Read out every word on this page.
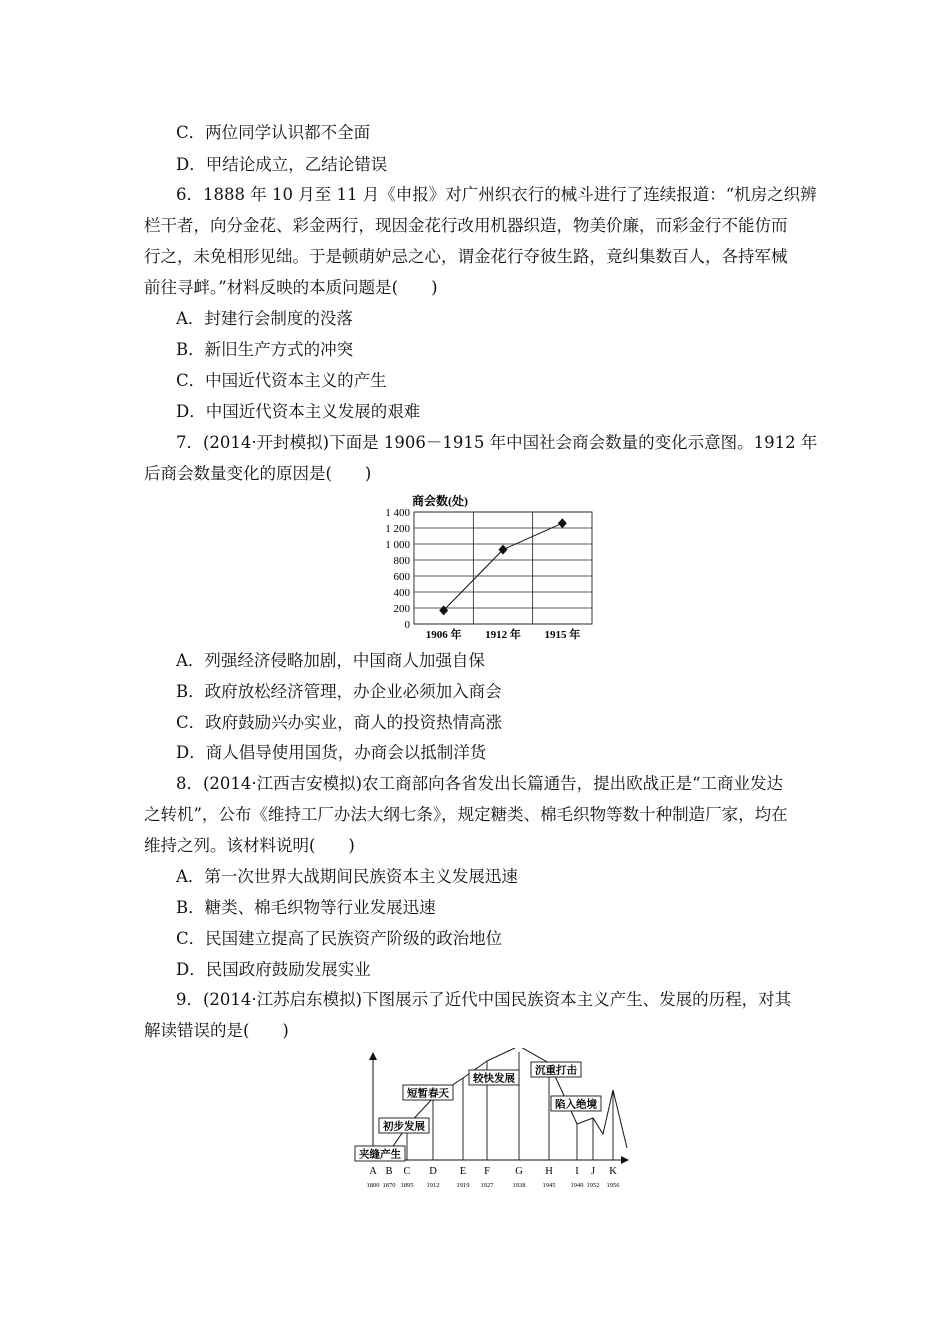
C．两位同学认识都不全面
D．甲结论成立，乙结论错误
6．1888 年 10 月至 11 月《申报》对广州织衣行的械斗进行了连续报道：“机房之织辨
栏干者，向分金花、彩金两行，现因金花行改用机器织造，物美价廉，而彩金行不能仿而
行之，未免相形见绌。于是顿萌妒忌之心，谓金花行夺彼生路，竟纠集数百人，各持军械
前往寻衅。”材料反映的本质问题是(　　)
A．封建行会制度的没落
B．新旧生产方式的冲突
C．中国近代资本主义的产生
D．中国近代资本主义发展的艰难
7．(2014·开封模拟)下面是 1906－1915 年中国社会商会数量的变化示意图。1912 年
后商会数量变化的原因是(　　)
商会数(处)
0
200
400
600
800
1 000
1 200
1 400
1906 年 1912 年 1915 年
A．列强经济侵略加剧，中国商人加强自保
B．政府放松经济管理，办企业必须加入商会
C．政府鼓励兴办实业，商人的投资热情高涨
D．商人倡导使用国货，办商会以抵制洋货
8．(2014·江西吉安模拟)农工商部向各省发出长篇通告，提出欧战正是“工商业发达
之转机”，公布《维持工厂办法大纲七条》，规定糖类、棉毛织物等数十种制造厂家，均在
维持之列。该材料说明(　　)
A．第一次世界大战期间民族资本主义发展迅速
B．糖类、棉毛织物等行业发展迅速
C．民国建立提高了民族资产阶级的政治地位
D．民国政府鼓励发展实业
9．(2014·江苏启东模拟)下图展示了近代中国民族资本主义产生、发展的历程，对其
解读错误的是(　　)
夹缝产生
初步发展
短暂春天
较快发展
沉重打击
陷入绝境
A B C D E F G H I J K
1800 1870 1895 1912	1919 1927	1938	1945 1949 1952 1956
